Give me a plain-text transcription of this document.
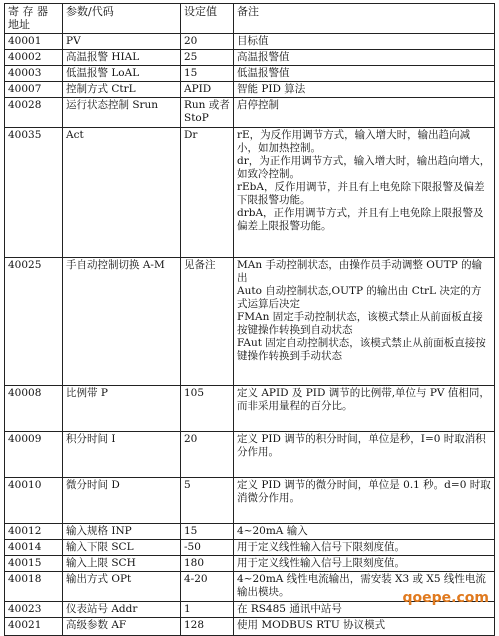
寄 存 器 地址	参数/代码	设定值	备注
40001	PV	20	目标值

40002	高温报警 HIAL	25	高温报警值

40003	低温报警 LoAL	15	低温报警值

40007	控制方式 CtrL	APID	智能 PID 算法

40028	运行状态控制 Srun	Run 或者 StoP	启停控制

40035	Act	Dr	rE，为反作用调节方式，输入增大时，输出趋向减小，如加热控制。
dr，为正作用调节方式，输入增大时，输出趋向增大，如致冷控制。
rEbA，反作用调节，并且有上电免除下限报警及偏差下限报警功能。
drbA，正作用调节方式，并且有上电免除上限报警及偏差上限报警功能。

40025	手自动控制切换 A-M	见备注	MAn 手动控制状态，由操作员手动调整 OUTP 的输出
Auto 自动控制状态,OUTP 的输出由 CtrL 决定的方式运算后决定
FMAn 固定手动控制状态，该模式禁止从前面板直接按键操作转换到自动状态
FAut 固定自动控制状态，该模式禁止从前面板直接按键操作转换到手动状态

40008	比例带 P	105	定义 APID 及 PID 调节的比例带,单位与 PV 值相同，而非采用量程的百分比。

40009	积分时间 I	20	定义 PID 调节的积分时间，单位是秒，I=0 时取消积分作用。

40010	微分时间 D	5	定义 PID 调节的微分时间，单位是 0.1 秒。d=0 时取消微分作用。

40012	输入规格 INP	15	4~20mA 输入

40014	输入下限 SCL	-50	用于定义线性输入信号下限刻度值。

40015	输入上限 SCH	180	用于定义线性输入信号上限刻度值。

40018	输出方式 OPt	4-20	4~20mA 线性电流输出，需安装 X3 或 X5 线性电流输出模块。

40023	仪表站号 Addr	1	在 RS485 通讯中站号

40021	高级参数 AF	128	使用 MODBUS RTU 协议模式
qoepe.com
